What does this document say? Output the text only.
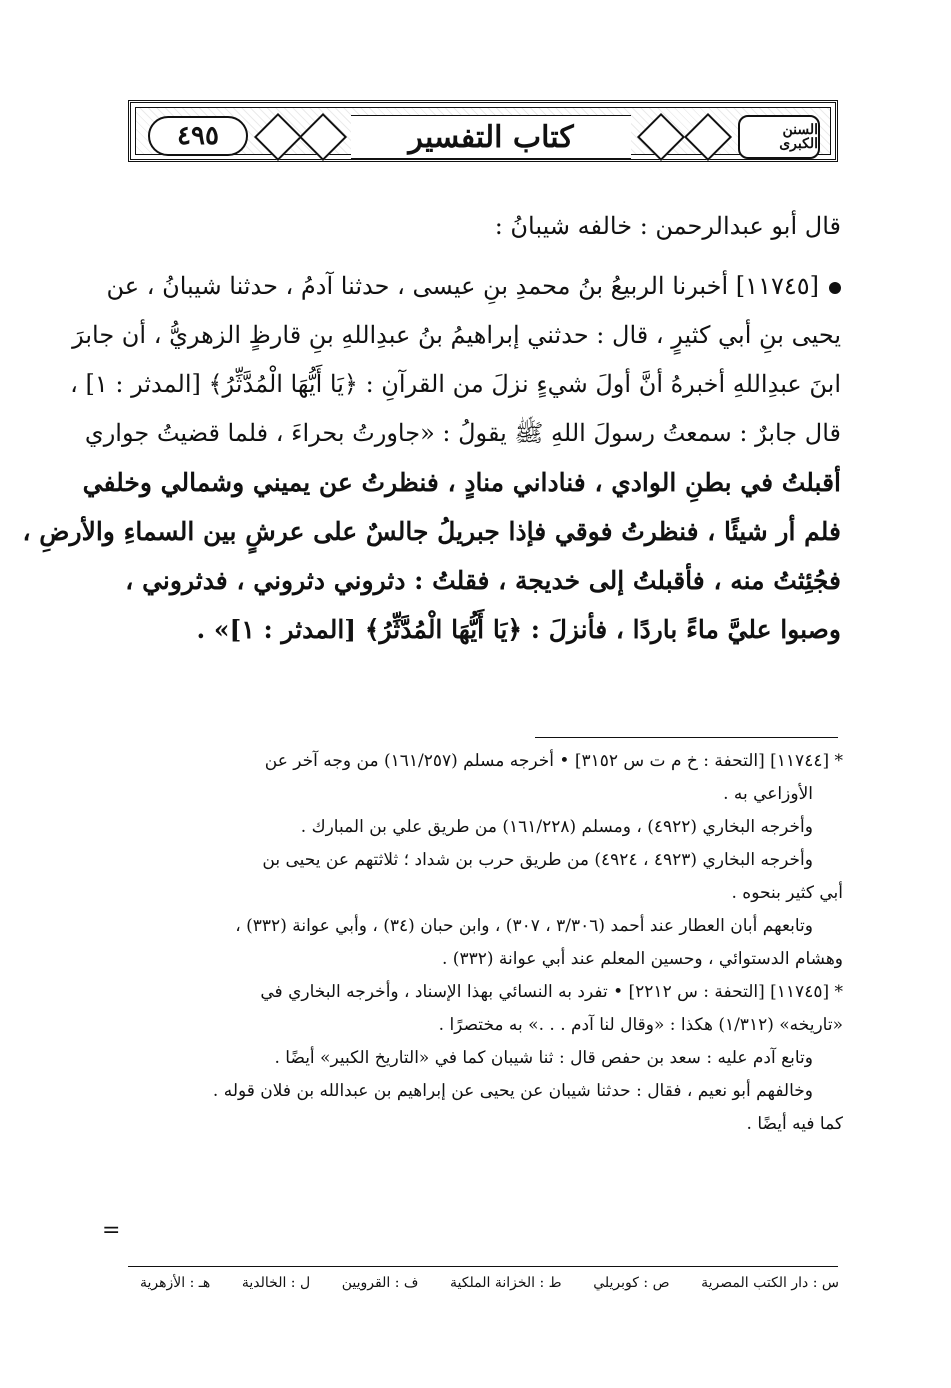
كتاب التفسير
٤٩٥	السنن الكبرى
قال أبو عبدالرحمن : خالفه شيبانُ :
[١١٧٤٥] أخبرنا الربيعُ بنُ محمدِ بنِ عيسى ، حدثنا آدمُ ، حدثنا شيبانُ ، عن
يحيى بنِ أبي كثيرٍ ، قال : حدثني إبراهيمُ بنُ عبدِاللهِ بنِ قارظٍ الزهريُّ ، أن جابرَ
ابنَ عبدِاللهِ أخبرهُ أنَّ أولَ شيءٍ نزلَ من القرآنِ : ﴿يَا أَيُّهَا الْمُدَّثِّرُ﴾ [المدثر : ١] ،
قال جابرٌ : سمعتُ رسولَ اللهِ ﷺ يقولُ : «جاورتُ بحراءَ ، فلما قضيتُ جواري
أقبلتُ في بطنِ الوادي ، فناداني منادٍ ، فنظرتُ عن يميني وشمالي وخلفي
فلم أر شيئًا ، فنظرتُ فوقي فإذا جبريلُ جالسٌ على عرشٍ بين السماءِ والأرضِ ،
فجُئِثتُ منه ، فأقبلتُ إلى خديجة ، فقلتُ : دثروني دثروني ، فدثروني ،
وصبوا عليَّ ماءً باردًا ، فأنزلَ : ﴿يَا أَيُّهَا الْمُدَّثِّرُ﴾ [المدثر : ١]» .
* [١١٧٤٤] [التحفة : خ م ت س ٣١٥٢] • أخرجه مسلم (١٦١/٢٥٧) من وجه آخر عن
الأوزاعي به .
وأخرجه البخاري (٤٩٢٢) ، ومسلم (١٦١/٢٢٨) من طريق علي بن المبارك .
وأخرجه البخاري (٤٩٢٣ ، ٤٩٢٤) من طريق حرب بن شداد ؛ ثلاثتهم عن يحيى بن
أبي كثير بنحوه .
وتابعهم أبان العطار عند أحمد (٣/٣٠٦ ، ٣٠٧) ، وابن حبان (٣٤) ، وأبي عوانة (٣٣٢) ،
وهشام الدستوائي ، وحسين المعلم عند أبي عوانة (٣٣٢) .
* [١١٧٤٥] [التحفة : س ٢٢١٢] • تفرد به النسائي بهذا الإسناد ، وأخرجه البخاري في
«تاريخه» (١/٣١٢) هكذا : «وقال لنا آدم . . .» به مختصرًا .
وتابع آدم عليه : سعد بن حفص قال : ثنا شيبان كما في «التاريخ الكبير» أيضًا .
وخالفهم أبو نعيم ، فقال : حدثنا شيبان عن يحيى عن إبراهيم بن عبدالله بن فلان قوله .
كما فيه أيضًا .
=
س : دار الكتب المصرية
ص : كوبريلي
ط : الخزانة الملكية
ف : القرويين
ل : الخالدية
هـ : الأزهرية
